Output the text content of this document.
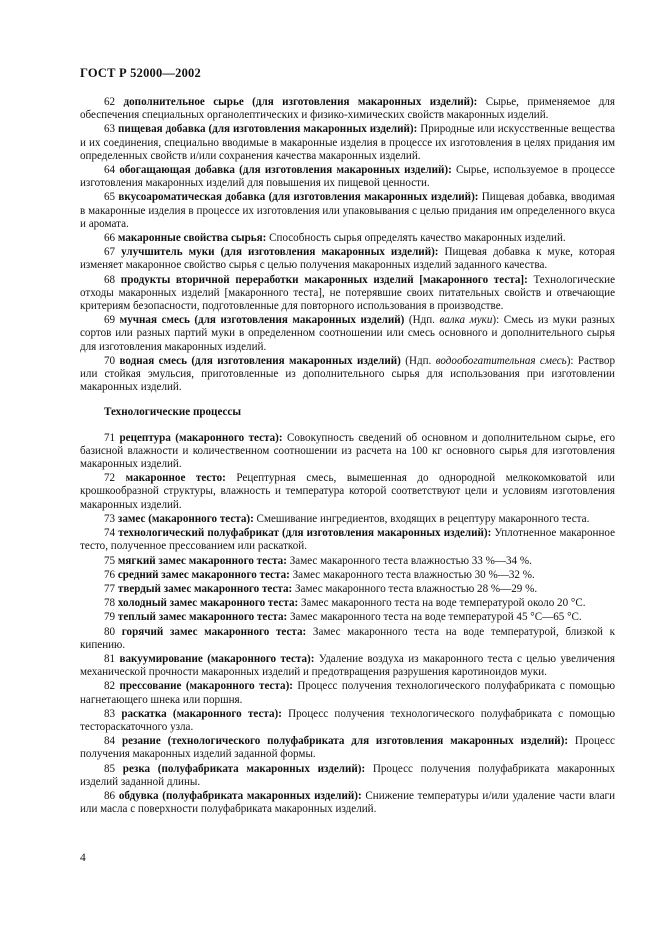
ГОСТ Р 52000—2002
62 дополнительное сырье (для изготовления макаронных изделий): Сырье, применяемое для обеспечения специальных органолептических и физико-химических свойств макаронных изделий.
63 пищевая добавка (для изготовления макаронных изделий): Природные или искусственные вещества и их соединения, специально вводимые в макаронные изделия в процессе их изготовления в целях придания им определенных свойств и/или сохранения качества макаронных изделий.
64 обогащающая добавка (для изготовления макаронных изделий): Сырье, используемое в процессе изготовления макаронных изделий для повышения их пищевой ценности.
65 вкусоароматическая добавка (для изготовления макаронных изделий): Пищевая добавка, вводимая в макаронные изделия в процессе их изготовления или упаковывания с целью придания им определенного вкуса и аромата.
66 макаронные свойства сырья: Способность сырья определять качество макаронных изделий.
67 улучшитель муки (для изготовления макаронных изделий): Пищевая добавка к муке, которая изменяет макаронное свойство сырья с целью получения макаронных изделий заданного качества.
68 продукты вторичной переработки макаронных изделий [макаронного теста]: Технологические отходы макаронных изделий [макаронного теста], не потерявшие своих питательных свойств и отвечающие критериям безопасности, подготовленные для повторного использования в производстве.
69 мучная смесь (для изготовления макаронных изделий) (Ндп. валка муки): Смесь из муки разных сортов или разных партий муки в определенном соотношении или смесь основного и дополнительного сырья для изготовления макаронных изделий.
70 водная смесь (для изготовления макаронных изделий) (Ндп. водообогатительная смесь): Раствор или стойкая эмульсия, приготовленные из дополнительного сырья для использования при изготовлении макаронных изделий.
Технологические процессы
71 рецептура (макаронного теста): Совокупность сведений об основном и дополнительном сырье, его базисной влажности и количественном соотношении из расчета на 100 кг основного сырья для изготовления макаронных изделий.
72 макаронное тесто: Рецептурная смесь, вымешенная до однородной мелкокомковатой или крошкообразной структуры, влажность и температура которой соответствуют цели и условиям изготовления макаронных изделий.
73 замес (макаронного теста): Смешивание ингредиентов, входящих в рецептуру макаронного теста.
74 технологический полуфабрикат (для изготовления макаронных изделий): Уплотненное макаронное тесто, полученное прессованием или раскаткой.
75 мягкий замес макаронного теста: Замес макаронного теста влажностью 33 %—34 %.
76 средний замес макаронного теста: Замес макаронного теста влажностью 30 %—32 %.
77 твердый замес макаронного теста: Замес макаронного теста влажностью 28 %—29 %.
78 холодный замес макаронного теста: Замес макаронного теста на воде температурой около 20 °С.
79 теплый замес макаронного теста: Замес макаронного теста на воде температурой 45 °С—65 °С.
80 горячий замес макаронного теста: Замес макаронного теста на воде температурой, близкой к кипению.
81 вакуумирование (макаронного теста): Удаление воздуха из макаронного теста с целью увеличения механической прочности макаронных изделий и предотвращения разрушения каротиноидов муки.
82 прессование (макаронного теста): Процесс получения технологического полуфабриката с помощью нагнетающего шнека или поршня.
83 раскатка (макаронного теста): Процесс получения технологического полуфабриката с помощью тестораскаточного узла.
84 резание (технологического полуфабриката для изготовления макаронных изделий): Процесс получения макаронных изделий заданной формы.
85 резка (полуфабриката макаронных изделий): Процесс получения полуфабриката макаронных изделий заданной длины.
86 обдувка (полуфабриката макаронных изделий): Снижение температуры и/или удаление части влаги или масла с поверхности полуфабриката макаронных изделий.
4
